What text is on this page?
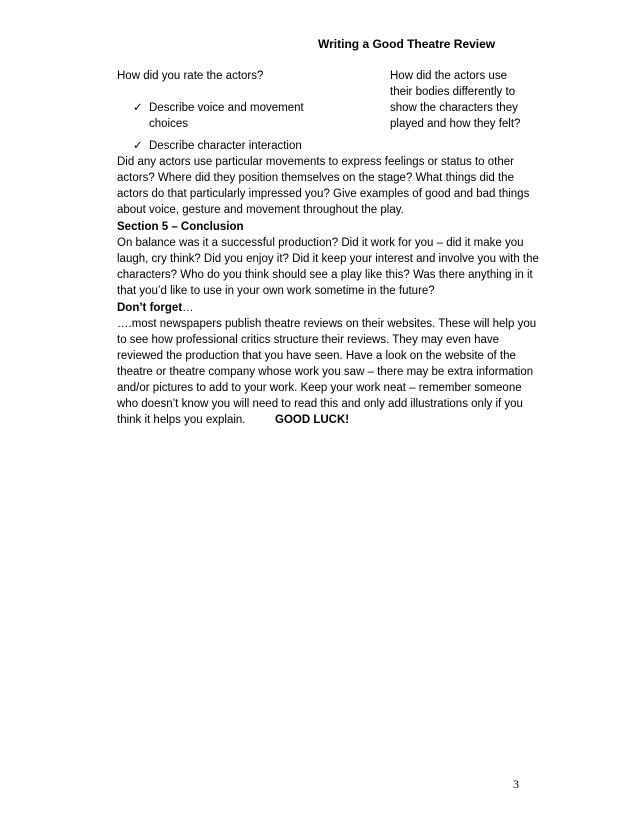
Writing a Good Theatre Review
How did you rate the actors?	How did the actors use
their bodies differently to
show the characters they
played and how they felt?
✓ Describe voice and movement
choices
✓ Describe character interaction
Did any actors use particular movements to express feelings or status to other
actors? Where did they position themselves on the stage? What things did the
actors do that particularly impressed you? Give examples of good and bad things
about voice, gesture and movement throughout the play.
Section 5 – Conclusion
On balance was it a successful production? Did it work for you – did it make you
laugh, cry think? Did you enjoy it? Did it keep your interest and involve you with the
characters? Who do you think should see a play like this? Was there anything in it
that you’d like to use in your own work sometime in the future?
Don’t forget…
….most newspapers publish theatre reviews on their websites. These will help you
to see how professional critics structure their reviews. They may even have
reviewed the production that you have seen. Have a look on the website of the
theatre or theatre company whose work you saw – there may be extra information
and/or pictures to add to your work. Keep your work neat – remember someone
who doesn’t know you will need to read this and only add illustrations only if you
think it helps you explain.	GOOD LUCK!
3
